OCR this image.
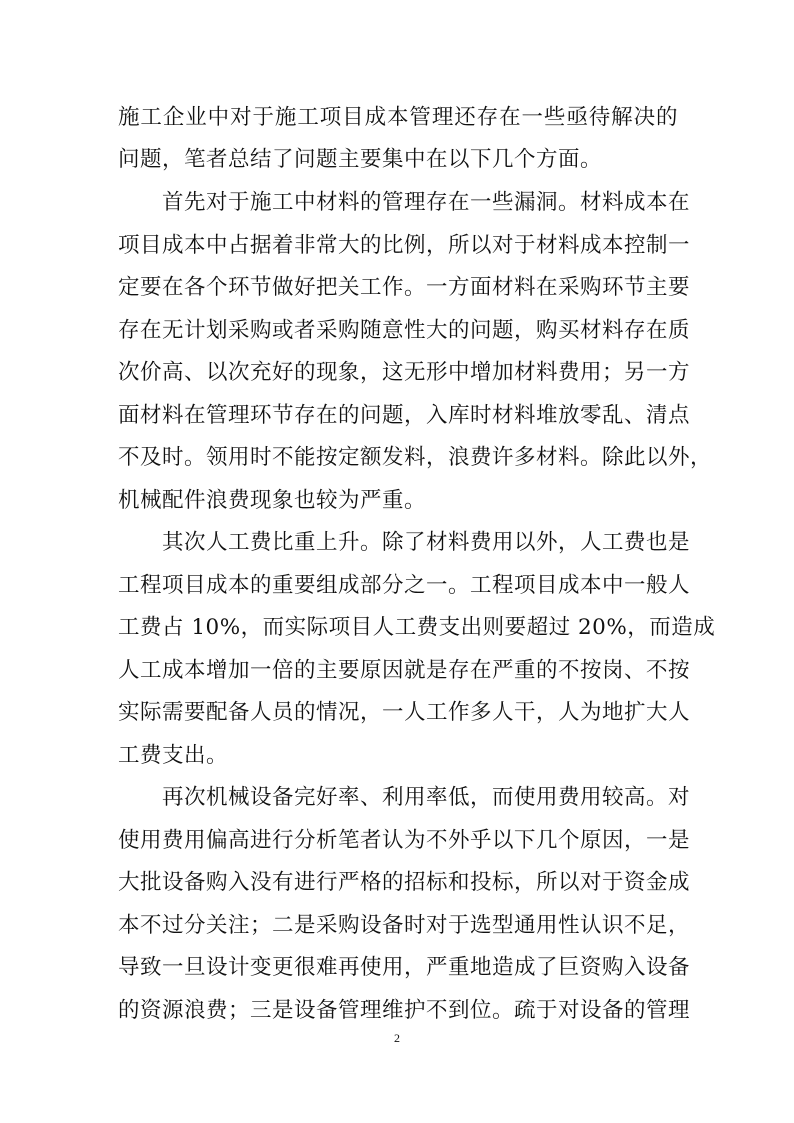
施工企业中对于施工项目成本管理还存在一些亟待解决的
问题，笔者总结了问题主要集中在以下几个方面。
首先对于施工中材料的管理存在一些漏洞。材料成本在
项目成本中占据着非常大的比例，所以对于材料成本控制一
定要在各个环节做好把关工作。一方面材料在采购环节主要
存在无计划采购或者采购随意性大的问题，购买材料存在质
次价高、以次充好的现象，这无形中增加材料费用；另一方
面材料在管理环节存在的问题，入库时材料堆放零乱、清点
不及时。领用时不能按定额发料，浪费许多材料。除此以外，
机械配件浪费现象也较为严重。
其次人工费比重上升。除了材料费用以外，人工费也是
工程项目成本的重要组成部分之一。工程项目成本中一般人
工费占 10%，而实际项目人工费支出则要超过 20%，而造成
人工成本增加一倍的主要原因就是存在严重的不按岗、不按
实际需要配备人员的情况，一人工作多人干，人为地扩大人
工费支出。
再次机械设备完好率、利用率低，而使用费用较高。对
使用费用偏高进行分析笔者认为不外乎以下几个原因，一是
大批设备购入没有进行严格的招标和投标，所以对于资金成
本不过分关注；二是采购设备时对于选型通用性认识不足，
导致一旦设计变更很难再使用，严重地造成了巨资购入设备
的资源浪费；三是设备管理维护不到位。疏于对设备的管理
2
